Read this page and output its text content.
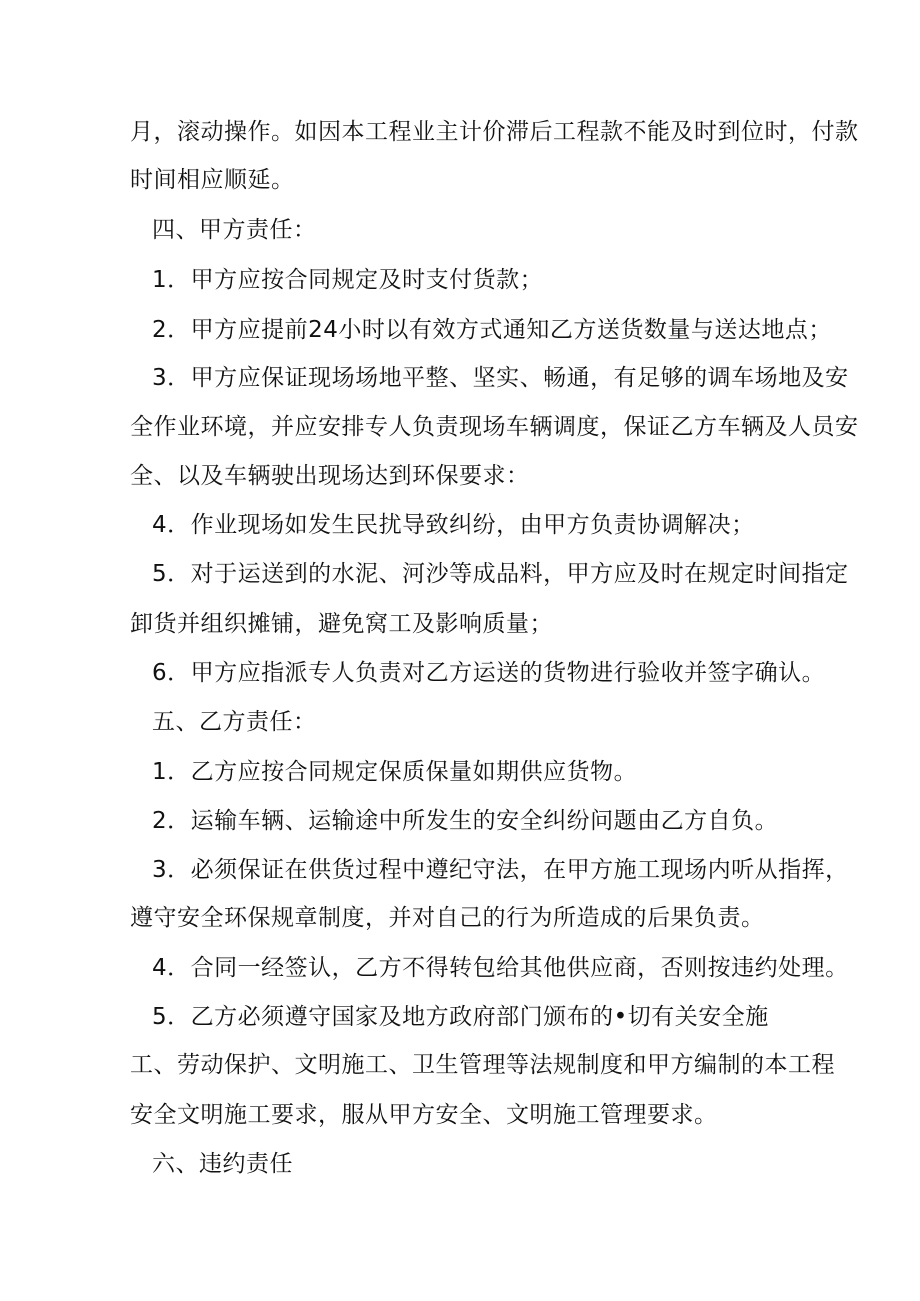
月，滚动操作。如因本工程业主计价滞后工程款不能及时到位时，付款
时间相应顺延。
四、甲方责任：
1．甲方应按合同规定及时支付货款；
2．甲方应提前24小时以有效方式通知乙方送货数量与送达地点；
3．甲方应保证现场场地平整、坚实、畅通，有足够的调车场地及安
全作业环境，并应安排专人负责现场车辆调度，保证乙方车辆及人员安
全、以及车辆驶出现场达到环保要求：
4．作业现场如发生民扰导致纠纷，由甲方负责协调解决；
5．对于运送到的水泥、河沙等成品料，甲方应及时在规定时间指定
卸货并组织摊铺，避免窝工及影响质量；
6．甲方应指派专人负责对乙方运送的货物进行验收并签字确认。
五、乙方责任：
1．乙方应按合同规定保质保量如期供应货物。
2．运输车辆、运输途中所发生的安全纠纷问题由乙方自负。
3．必须保证在供货过程中遵纪守法，在甲方施工现场内听从指挥，
遵守安全环保规章制度，并对自己的行为所造成的后果负责。
4．合同一经签认，乙方不得转包给其他供应商，否则按违约处理。
5．乙方必须遵守国家及地方政府部门颁布的•切有关安全施
工、劳动保护、文明施工、卫生管理等法规制度和甲方编制的本工程
安全文明施工要求，服从甲方安全、文明施工管理要求。
六、违约责任
